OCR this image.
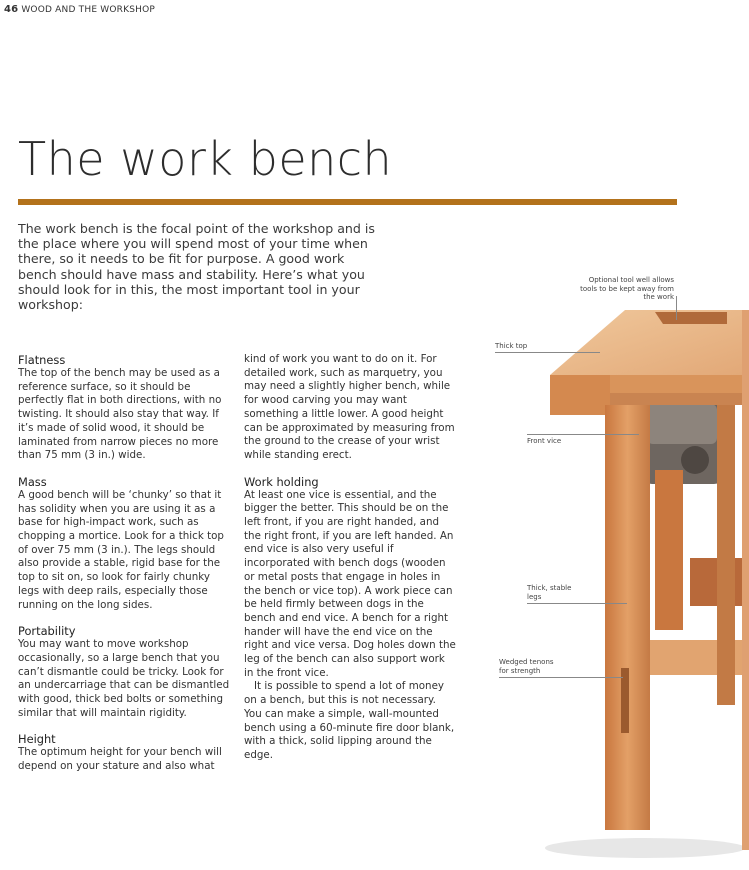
46 WOOD AND THE WORKSHOP
The work bench

The work bench is the focal point of the workshop and is the place where you will spend most of your time when there, so it needs to be fit for purpose. A good work bench should have mass and stability. Here’s what you should look for in this, the most important tool in your workshop:

Flatness

The top of the bench may be used as a reference surface, so it should be perfectly flat in both directions, with no twisting. It should also stay that way. If it’s made of solid wood, it should be laminated from narrow pieces no more than 75 mm (3 in.) wide.

Mass

A good bench will be ‘chunky’ so that it has solidity when you are using it as a base for high-impact work, such as chopping a mortice. Look for a thick top of over 75 mm (3 in.). The legs should also provide a stable, rigid base for the top to sit on, so look for fairly chunky legs with deep rails, especially those running on the long sides.

Portability

You may want to move workshop occasionally, so a large bench that you can’t dismantle could be tricky. Look for an undercarriage that can be dismantled with good, thick bed bolts or something similar that will maintain rigidity.

Height

The optimum height for your bench will depend on your stature and also what

kind of work you want to do on it. For detailed work, such as marquetry, you may need a slightly higher bench, while for wood carving you may want something a little lower. A good height can be approximated by measuring from the ground to the crease of your wrist while standing erect.

Work holding

At least one vice is essential, and the bigger the better. This should be on the left front, if you are right handed, and the right front, if you are left handed. An end vice is also very useful if incorporated with bench dogs (wooden or metal posts that engage in holes in the bench or vice top). A work piece can be held firmly between dogs in the bench and end vice. A bench for a right hander will have the end vice on the right and vice versa. Dog holes down the leg of the bench can also support work in the front vice.

It is possible to spend a lot of money on a bench, but this is not necessary. You can make a simple, wall-mounted bench using a 60-minute fire door blank, with a thick, solid lipping around the edge.

Optional tool well allows tools to be kept away from the work
Thick top
Front vice
Thick, stable legs
Wedged tenons for strength
